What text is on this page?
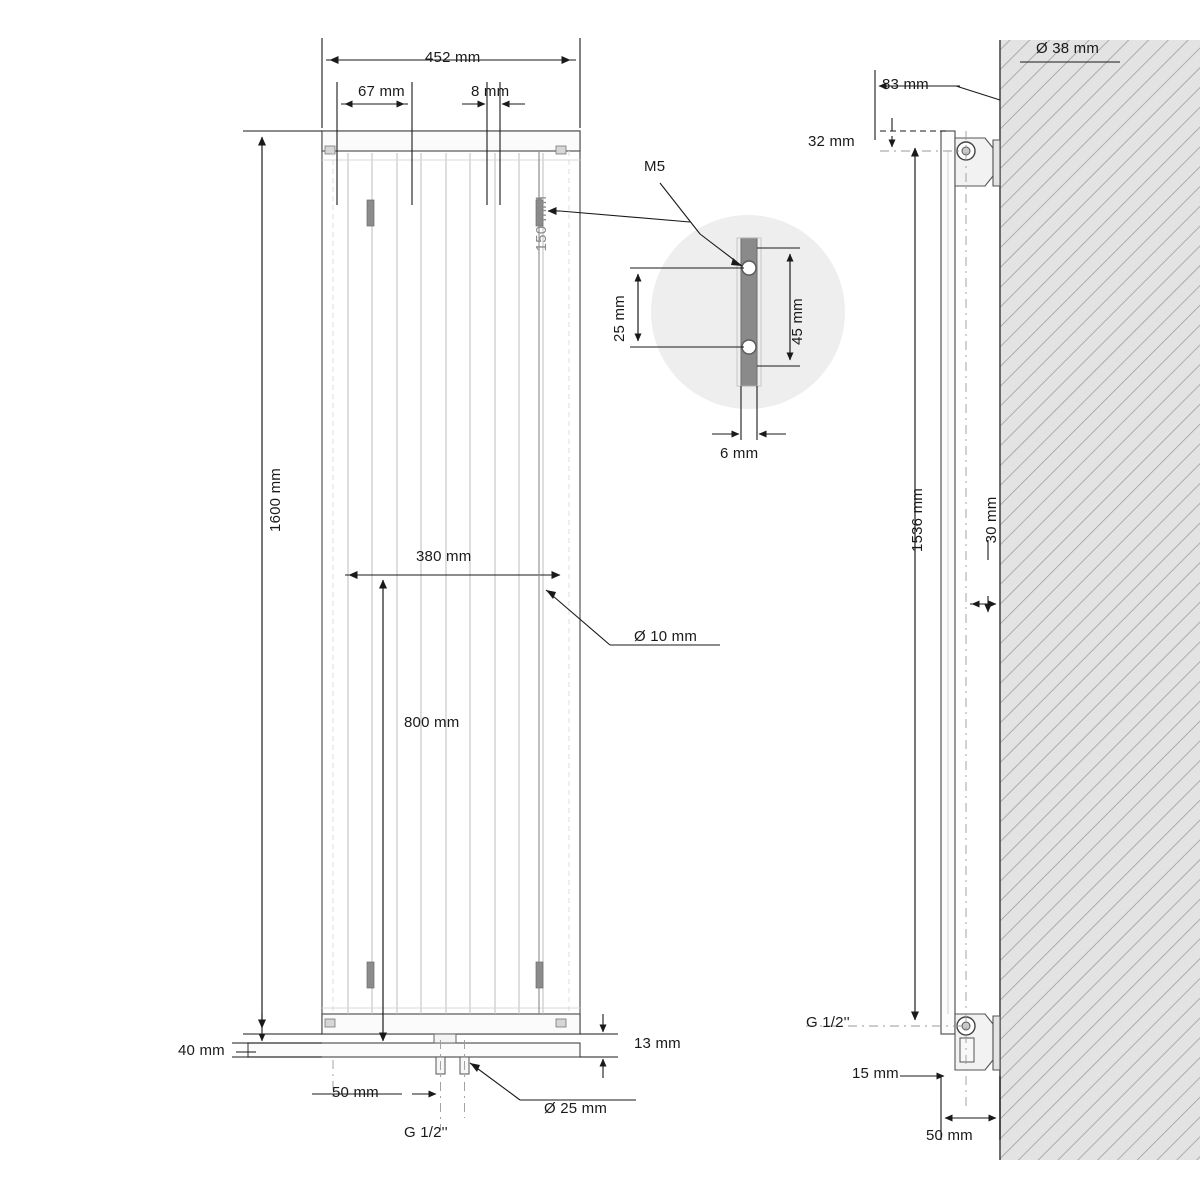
452 mm
67 mm	8 mm
150 mm
1600 mm
380 mm
800 mm
Ø 10 mm
13 mm
40 mm
50 mm
G 1/2''
Ø 25 mm
M5
25 mm	45 mm
6 mm
Ø 38 mm
83 mm
32 mm
1536 mm	30 mm
G 1/2''
15 mm
50 mm
